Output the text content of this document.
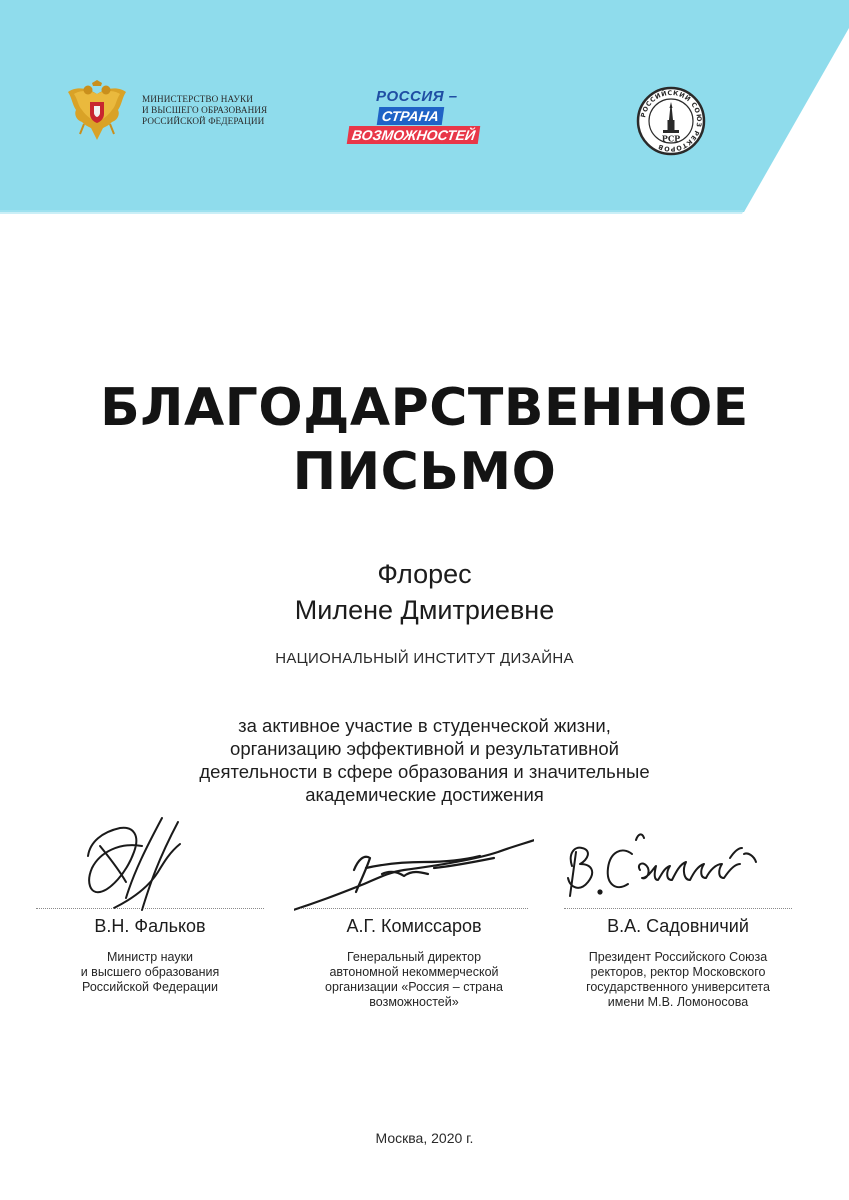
МИНИСТЕРСТВО НАУКИ
И ВЫСШЕГО ОБРАЗОВАНИЯ
РОССИЙСКОЙ ФЕДЕРАЦИИ
РОССИЯ –
СТРАНА
ВОЗМОЖНОСТЕЙ
РОССИЙСКИЙ СОЮЗ РЕКТОРОВ
РСР
БЛАГОДАРСТВЕННОЕ
ПИСЬМО
Флорес
Милене Дмитриевне
НАЦИОНАЛЬНЫЙ ИНСТИТУТ ДИЗАЙНА
за активное участие в студенческой жизни,
организацию эффективной и результативной
деятельности в сфере образования и значительные
академические достижения
В.Н. Фальков
Министр науки
и высшего образования
Российской Федерации
А.Г. Комиссаров
Генеральный директор
автономной некоммерческой
организации «Россия – страна
возможностей»
В.А. Садовничий
Президент Российского Союза
ректоров, ректор Московского
государственного университета
имени М.В. Ломоносова
Москва, 2020 г.
